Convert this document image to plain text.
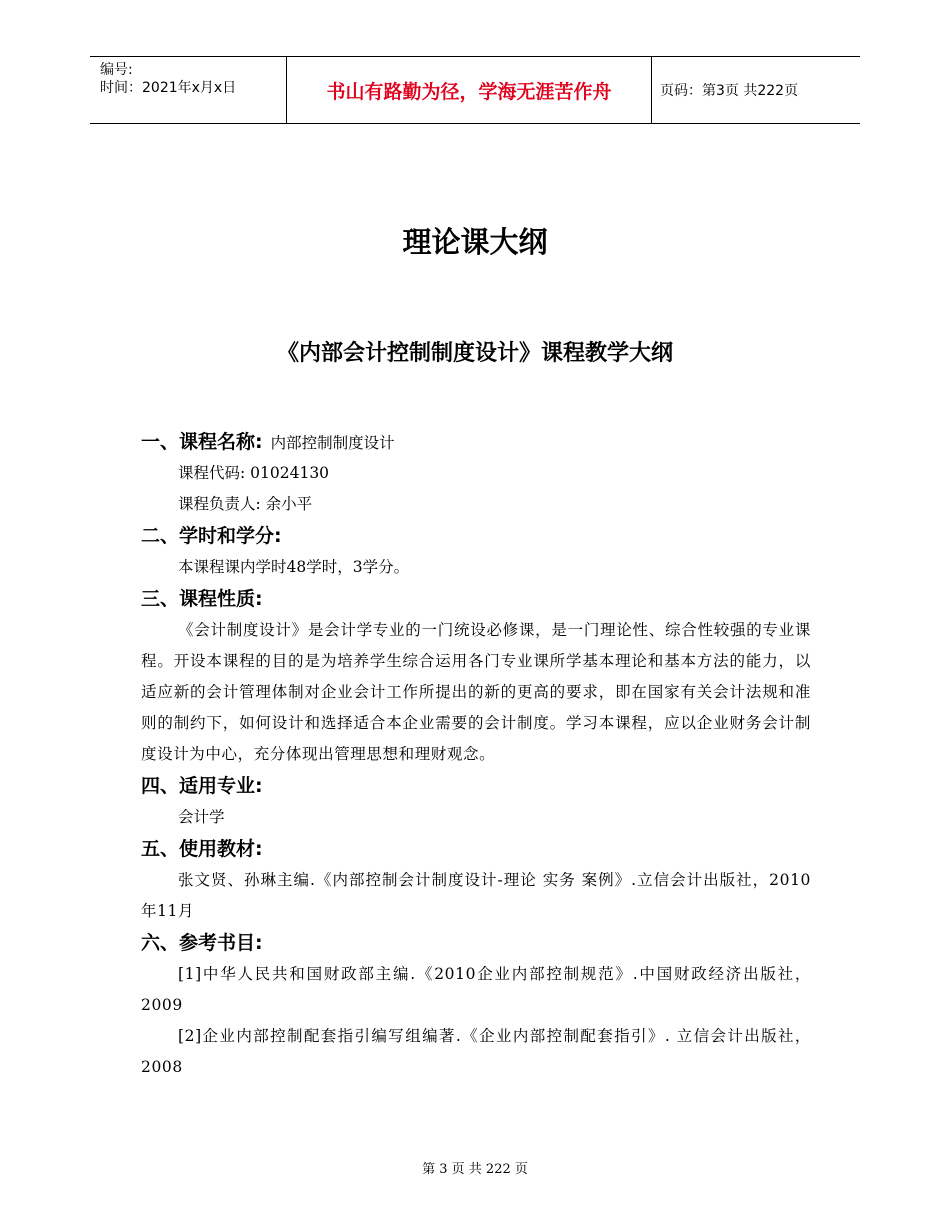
编号:
时间：2021年x月x日	书山有路勤为径，学海无涯苦作舟	页码：第3页 共222页
理论课大纲
《内部会计控制制度设计》课程教学大纲
一、课程名称: 内部控制制度设计
课程代码: 01024130
课程负责人: 余小平
二、学时和学分:
本课程课内学时48学时，3学分。
三、课程性质:
《会计制度设计》是会计学专业的一门统设必修课，是一门理论性、综合性较强的专业课程。开设本课程的目的是为培养学生综合运用各门专业课所学基本理论和基本方法的能力，以适应新的会计管理体制对企业会计工作所提出的新的更高的要求，即在国家有关会计法规和准则的制约下，如何设计和选择适合本企业需要的会计制度。学习本课程，应以企业财务会计制度设计为中心，充分体现出管理思想和理财观念。
四、适用专业:
会计学
五、使用教材:
张文贤、孙琳主编.《内部控制会计制度设计-理论 实务 案例》.立信会计出版社，2010年11月
六、参考书目:
[1]中华人民共和国财政部主编.《2010企业内部控制规范》.中国财政经济出版社，2009
[2]企业内部控制配套指引编写组编著.《企业内部控制配套指引》. 立信会计出版社，2008
第 3 页 共 222 页
